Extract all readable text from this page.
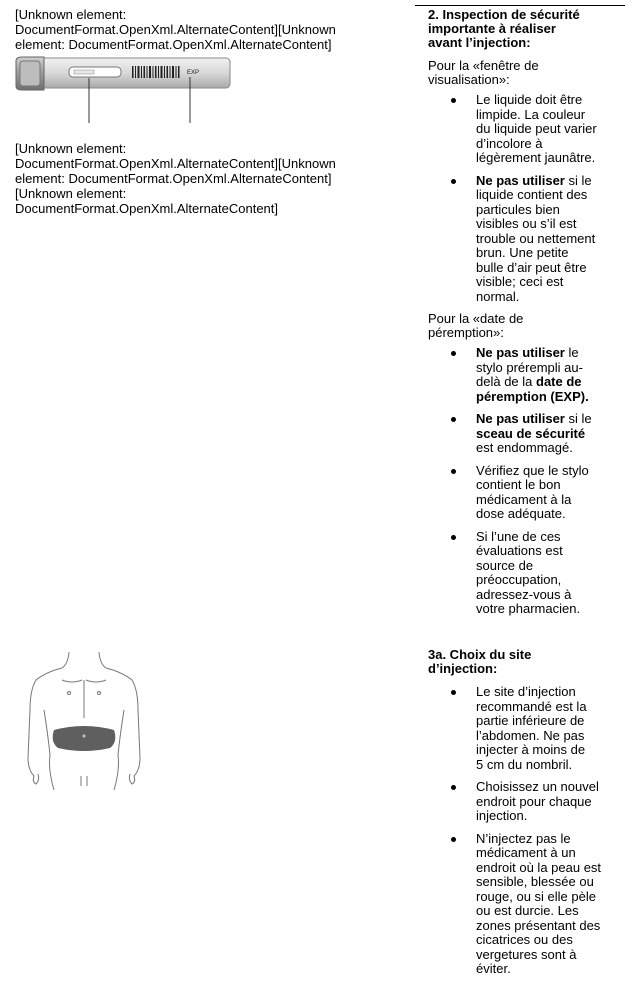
[Unknown element:
DocumentFormat.OpenXml.AlternateContent][Unknown
element: DocumentFormat.OpenXml.AlternateContent]
EXP
[Unknown element:
DocumentFormat.OpenXml.AlternateContent][Unknown
element: DocumentFormat.OpenXml.AlternateContent]
[Unknown element:
DocumentFormat.OpenXml.AlternateContent]
2. Inspection de sécurité
importante à réaliser
avant l’injection:
Pour la «fenêtre de
visualisation»:
Le liquide doit être
limpide. La couleur
du liquide peut varier
d’incolore à
légèrement jaunâtre.
Ne pas utiliser si le
liquide contient des
particules bien
visibles ou s’il est
trouble ou nettement
brun. Une petite
bulle d’air peut être
visible; ceci est
normal.
Pour la «date de
péremption»:
Ne pas utiliser le
stylo prérempli au-
delà de la date de
péremption (EXP).
Ne pas utiliser si le
sceau de sécurité
est endommagé.
Vérifiez que le stylo
contient le bon
médicament à la
dose adéquate.
Si l’une de ces
évaluations est
source de
préoccupation,
adressez-vous à
votre pharmacien.
3a. Choix du site
d’injection:
Le site d’injection
recommandé est la
partie inférieure de
l’abdomen. Ne pas
injecter à moins de
5 cm du nombril.
Choisissez un nouvel
endroit pour chaque
injection.
N’injectez pas le
médicament à un
endroit où la peau est
sensible, blessée ou
rouge, ou si elle pèle
ou est durcie. Les
zones présentant des
cicatrices ou des
vergetures sont à
éviter.
